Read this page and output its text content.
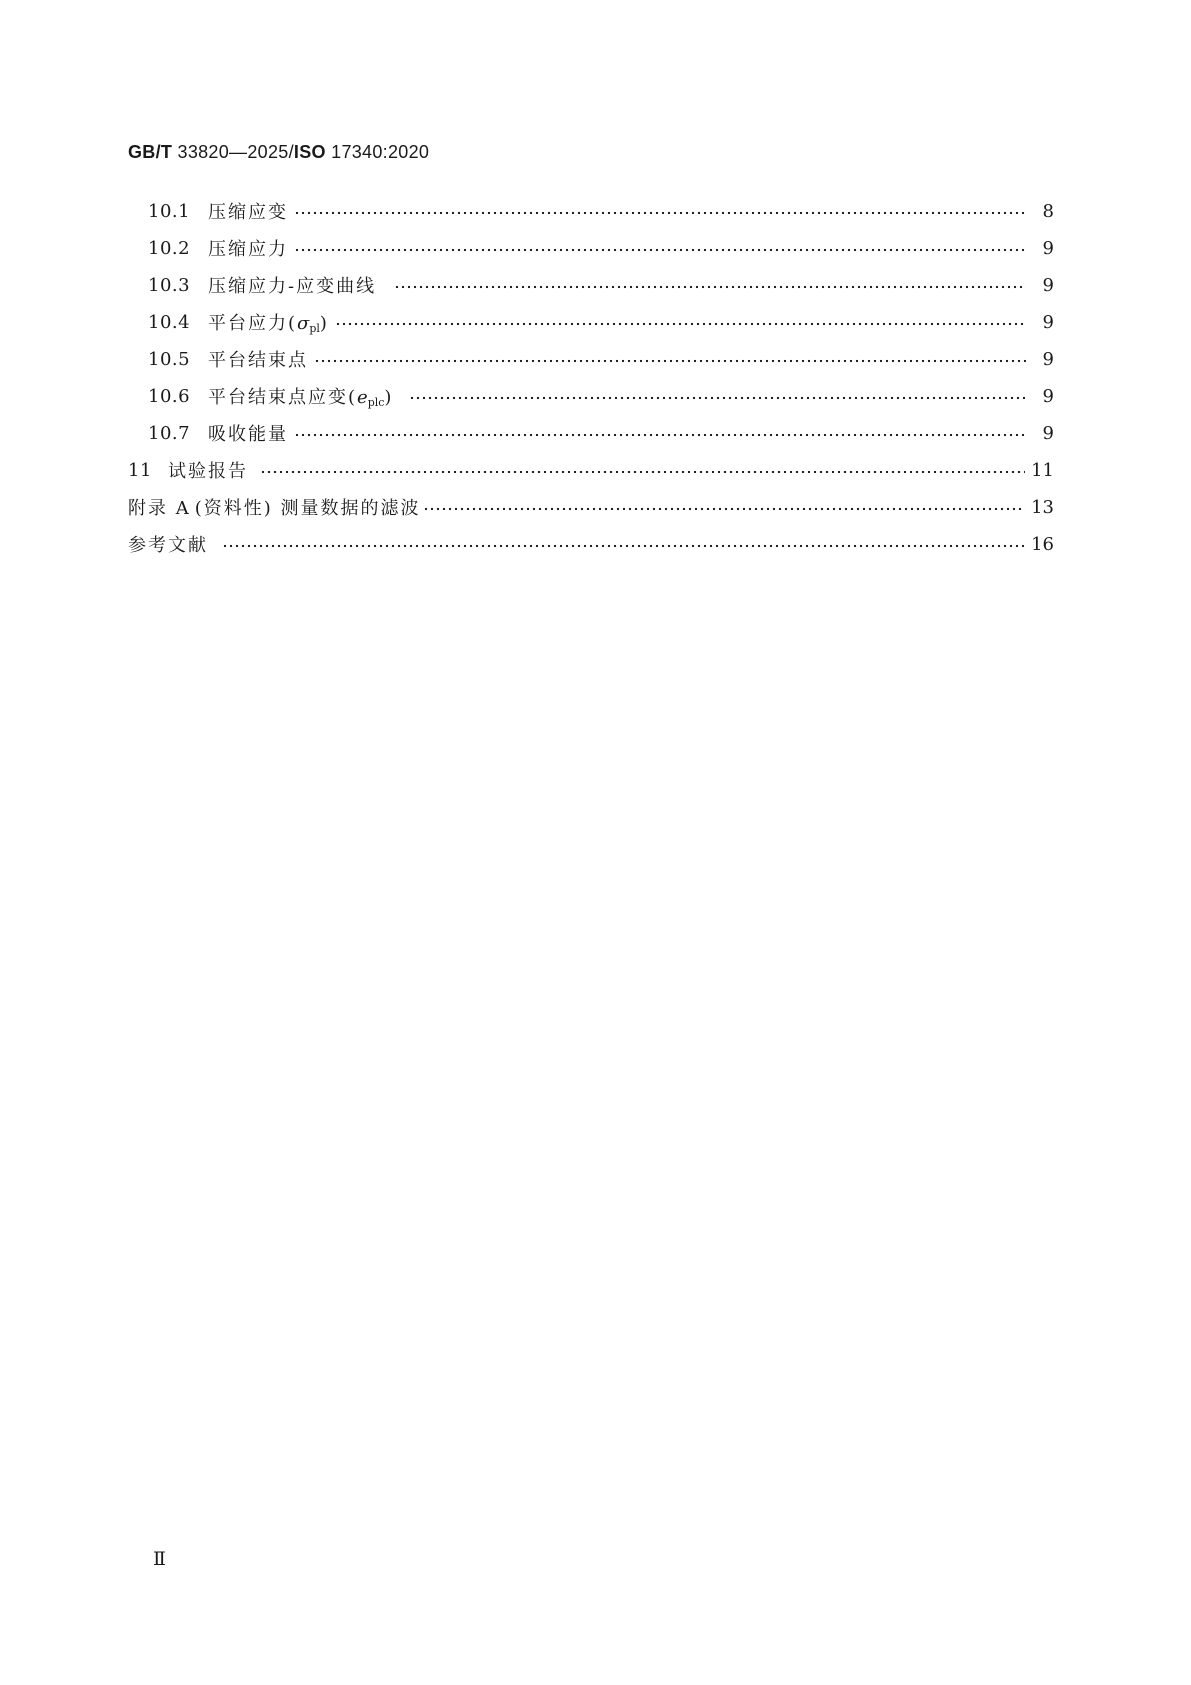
GB/T 33820—2025/ISO 17340:2020
10.1 压缩应变	8
10.2 压缩应力	9
10.3 压缩应力-应变曲线	9
10.4 平台应力$(\sigma_{pl})$	9
10.5 平台结束点	9
10.6 平台结束点应变$(e_{plc})$	9
10.7 吸收能量	9
11 试验报告	11
附录 A (资料性) 测量数据的滤波	13
参考文献	16
Ⅱ
